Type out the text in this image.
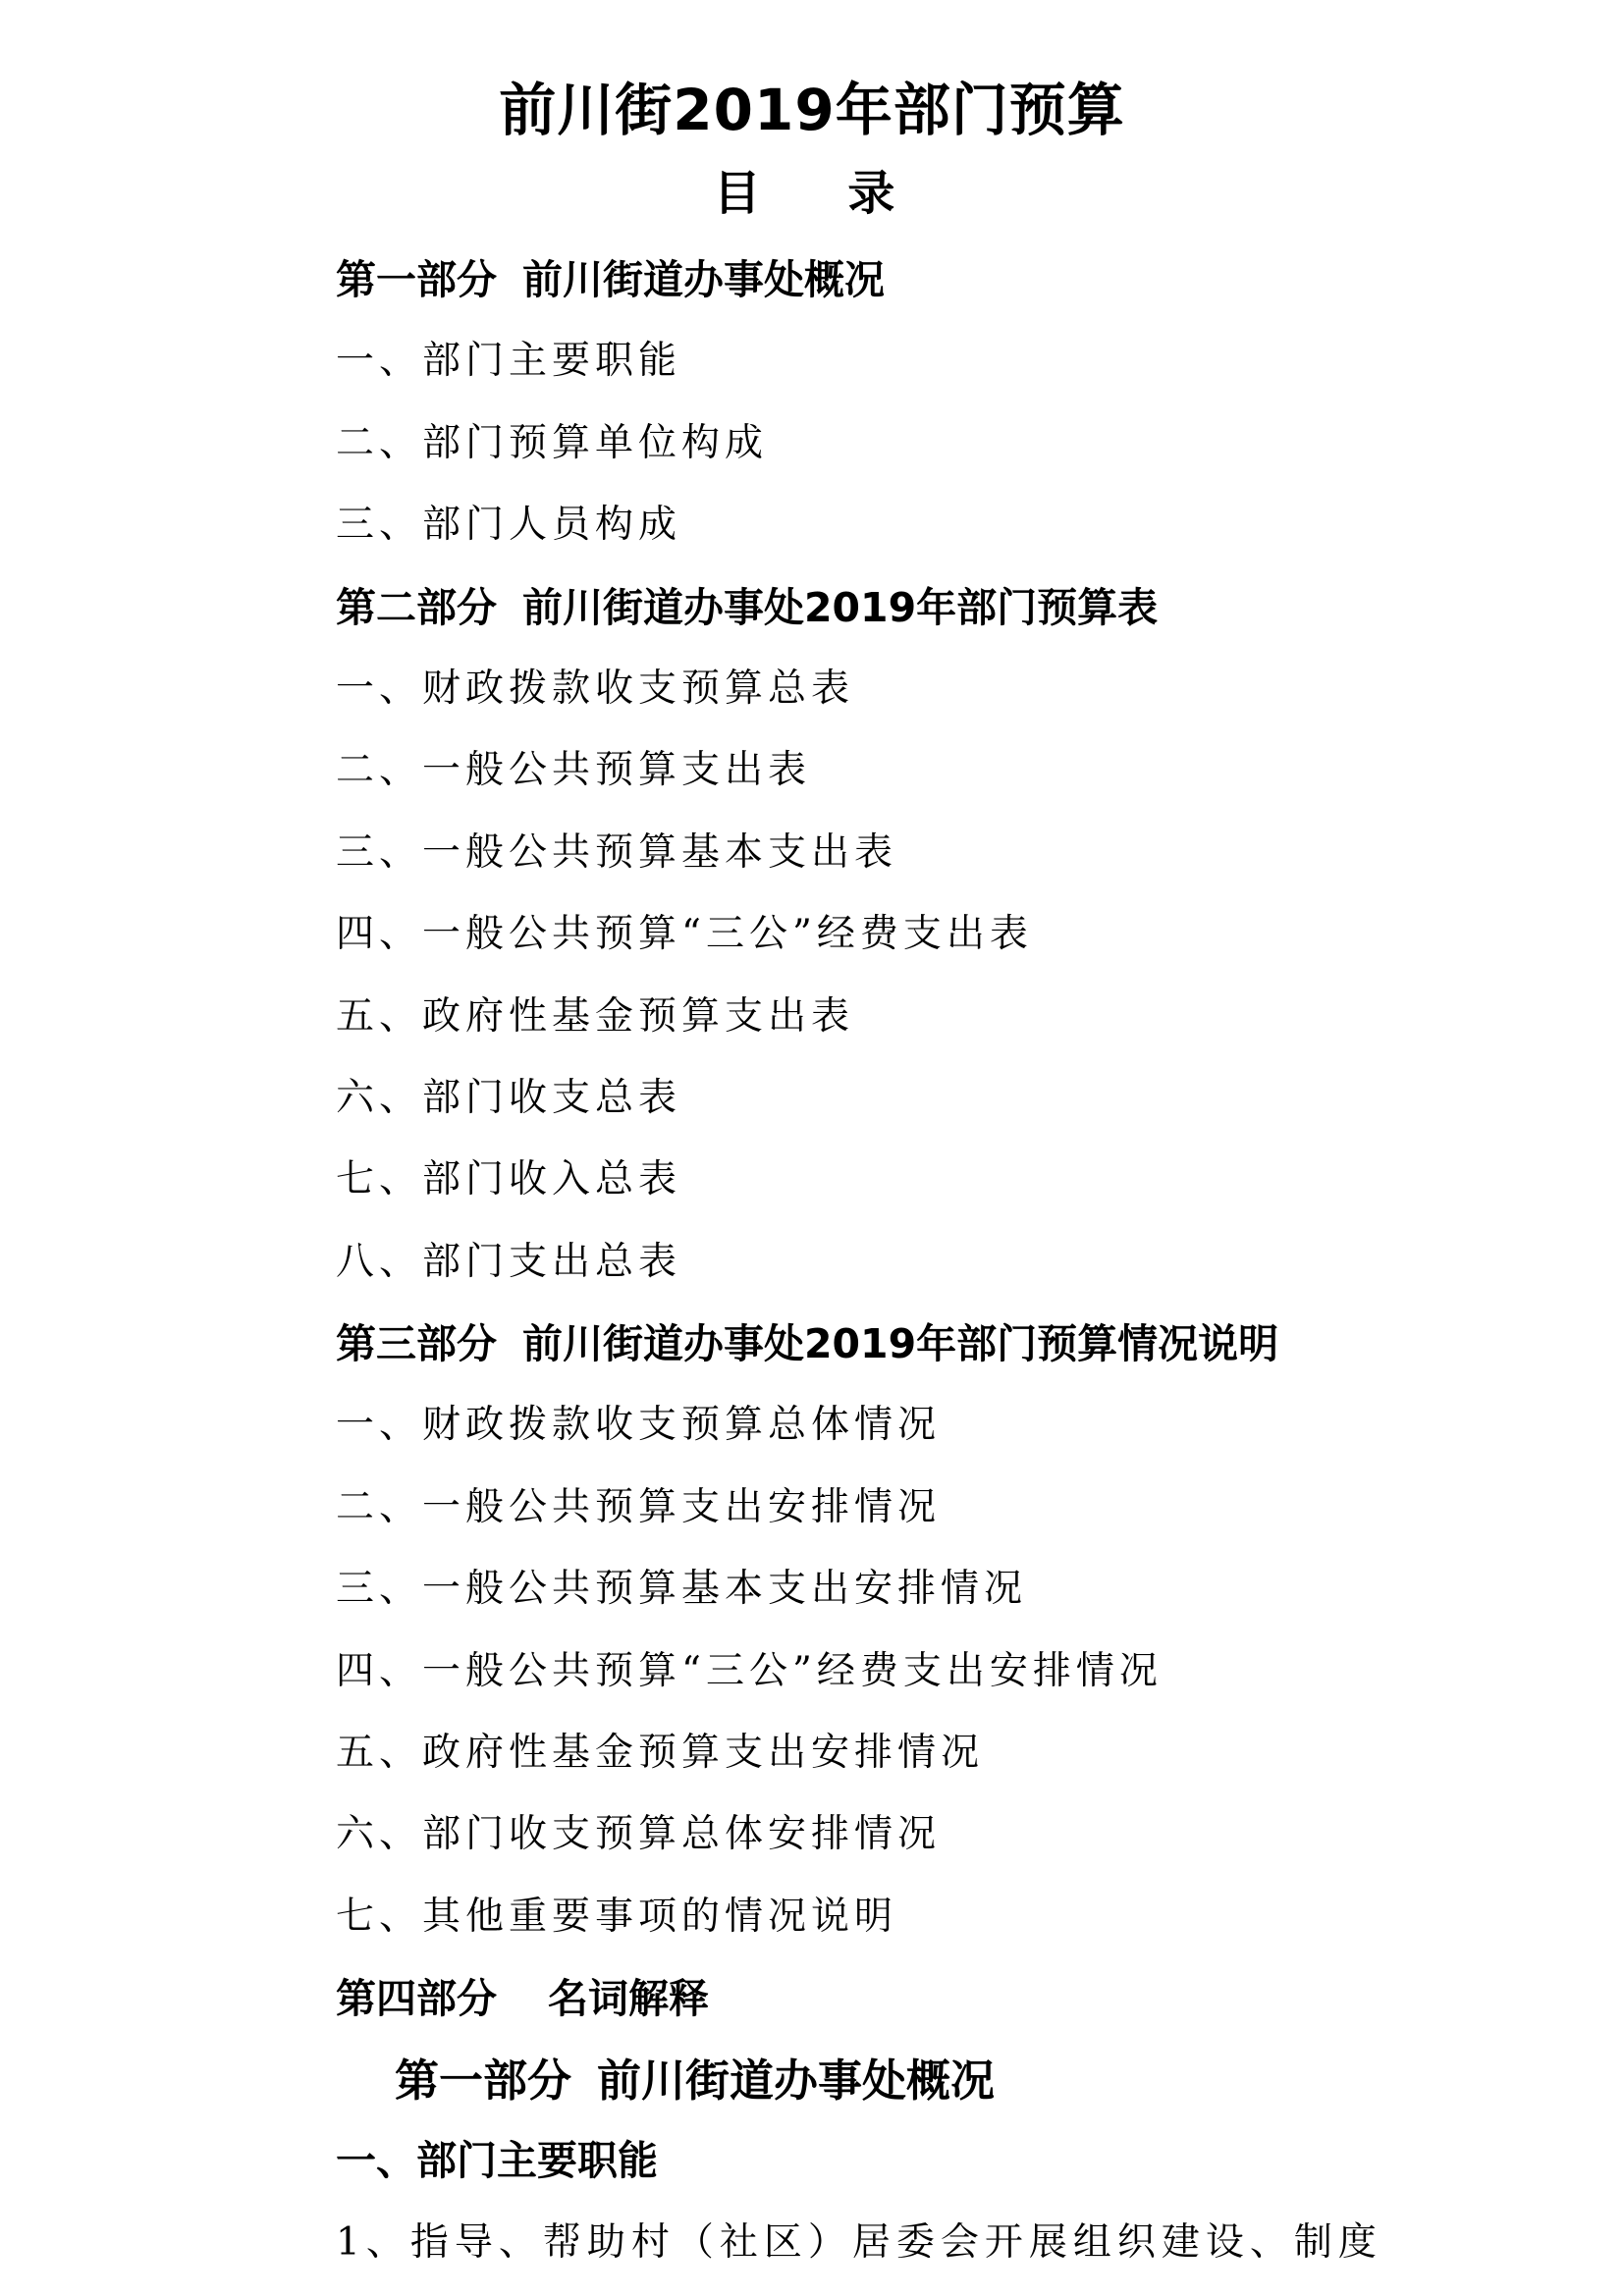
前川街2019年部门预算
目 录
第一部分 前川街道办事处概况
一、部门主要职能
二、部门预算单位构成
三、部门人员构成
第二部分 前川街道办事处2019年部门预算表
一、财政拨款收支预算总表
二、一般公共预算支出表
三、一般公共预算基本支出表
四、一般公共预算“三公”经费支出表
五、政府性基金预算支出表
六、部门收支总表
七、部门收入总表
八、部门支出总表
第三部分 前川街道办事处2019年部门预算情况说明
一、财政拨款收支预算总体情况
二、一般公共预算支出安排情况
三、一般公共预算基本支出安排情况
四、一般公共预算“三公”经费支出安排情况
五、政府性基金预算支出安排情况
六、部门收支预算总体安排情况
七、其他重要事项的情况说明
第四部分 名词解释
第一部分 前川街道办事处概况
一、部门主要职能
1、指导、帮助村（社区）居委会开展组织建设、制度
